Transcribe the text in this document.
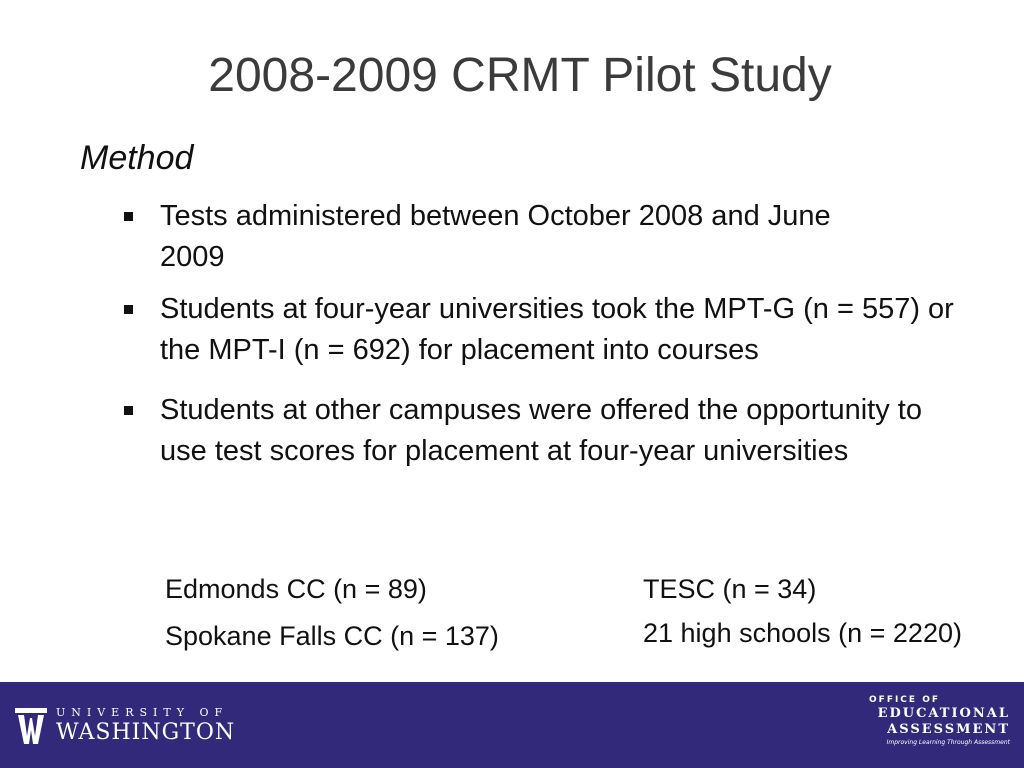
2008-2009 CRMT Pilot Study
Method
Tests administered between October 2008 and June 2009
Students at four-year universities took the MPT-G (n = 557) or the MPT-I (n = 692) for placement into courses
Students at other campuses were offered the opportunity to use test scores for placement at four-year universities
Edmonds CC (n = 89)
Spokane Falls CC (n = 137)
TESC (n = 34)
21 high schools (n = 2220)
UNIVERSITY OF
WASHINGTON
OFFICE OF
EDUCATIONAL
ASSESSMENT
Improving Learning Through Assessment
